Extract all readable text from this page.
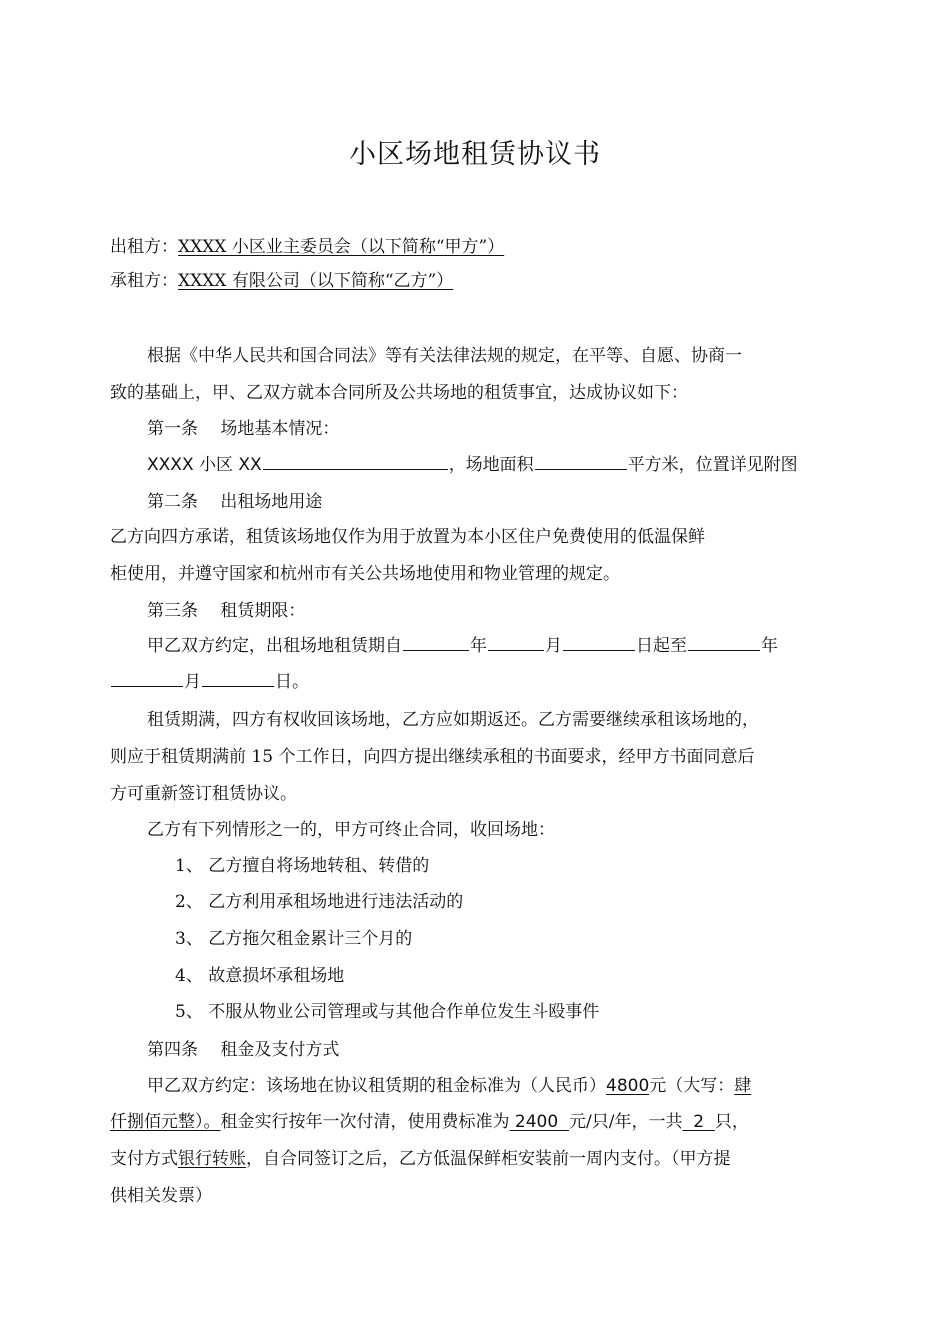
小区场地租赁协议书
出租方：XXXX 小区业主委员会（以下简称“甲方”）
承租方：XXXX 有限公司（以下简称“乙方”）
根据《中华人民共和国合同法》等有关法律法规的规定，在平等、自愿、协商一
致的基础上，甲、乙双方就本合同所及公共场地的租赁事宜，达成协议如下：
第一条　 场地基本情况：
XXXX 小区 XX	，场地面积	平方米，位置详见附图
第二条　 出租场地用途
乙方向四方承诺，租赁该场地仅作为用于放置为本小区住户免费使用的低温保鲜
柜使用，并遵守国家和杭州市有关公共场地使用和物业管理的规定。
第三条　 租赁期限：
甲乙双方约定，出租场地租赁期自	年	月	日起至	年
月	日。
租赁期满，四方有权收回该场地，乙方应如期返还。乙方需要继续承租该场地的，
则应于租赁期满前 15 个工作日，向四方提出继续承租的书面要求，经甲方书面同意后
方可重新签订租赁协议。
乙方有下列情形之一的，甲方可终止合同，收回场地：
1、 乙方擅自将场地转租、转借的
2、 乙方利用承租场地进行违法活动的
3、 乙方拖欠租金累计三个月的
4、 故意损坏承租场地
5、 不服从物业公司管理或与其他合作单位发生斗殴事件
第四条　 租金及支付方式
甲乙双方约定：该场地在协议租赁期的租金标准为（人民币）4800元（大写：肆
仟捌佰元整）。租金实行按年一次付清，使用费标准为 2400  元/只/年，一共  2  只，
支付方式银行转账，自合同签订之后，乙方低温保鲜柜安装前一周内支付。（甲方提
供相关发票）
